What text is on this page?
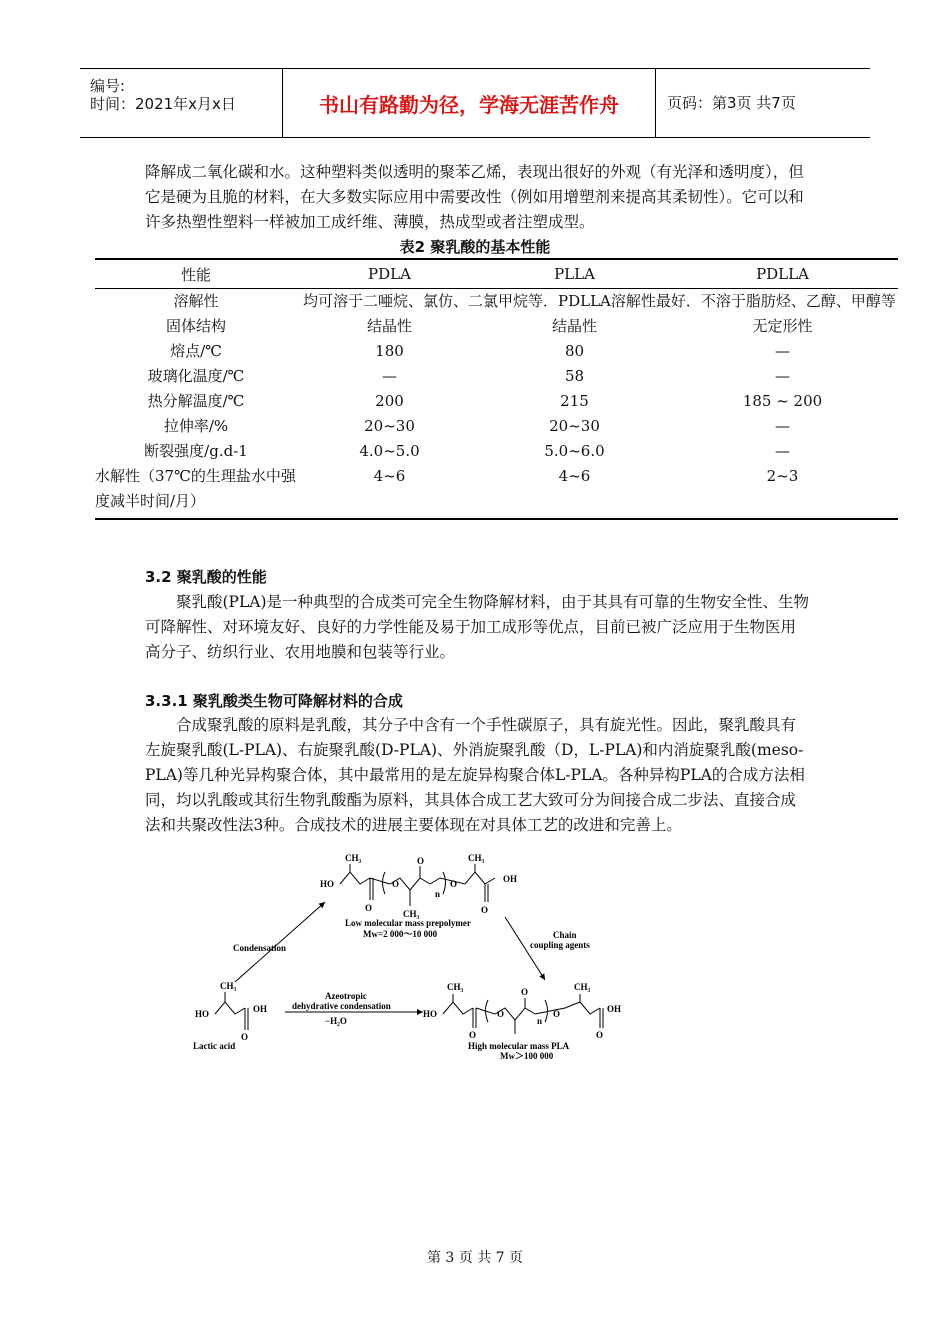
编号:
时间：2021年x月x日	书山有路勤为径，学海无涯苦作舟	页码：第3页 共7页
降解成二氧化碳和水。这种塑料类似透明的聚苯乙烯，表现出很好的外观（有光泽和透明度），但它是硬为且脆的材料，在大多数实际应用中需要改性（例如用增塑剂来提高其柔韧性）。它可以和许多热塑性塑料一样被加工成纤维、薄膜，热成型或者注塑成型。
表2 聚乳酸的基本性能
性能	PDLA	PLLA	PDLLA
溶解性	均可溶于二唖烷、氯仿、二氯甲烷等．PDLLA溶解性最好．不溶于脂肪烃、乙醇、甲醇等		
固体结构	结晶性	结晶性	无定形性
熔点/℃	180	80	—
玻璃化温度/℃	—	58	—
热分解温度/℃	200	215	185 ~ 200
拉伸率/%	20~30	20~30	—
断裂强度/g.d-1	4.0~5.0	5.0~6.0	—
水解性（37℃的生理盐水中强度减半时间/月）	4~6	4~6	2~3
3.2 聚乳酸的性能
聚乳酸(PLA)是一种典型的合成类可完全生物降解材料，由于其具有可靠的生物安全性、生物可降解性、对环境友好、良好的力学性能及易于加工成形等优点，目前已被广泛应用于生物医用高分子、纺织行业、农用地膜和包装等行业。
3.3.1 聚乳酸类生物可降解材料的合成
合成聚乳酸的原料是乳酸，其分子中含有一个手性碳原子，具有旋光性。因此，聚乳酸具有左旋聚乳酸(L-PLA)、右旋聚乳酸(D-PLA)、外消旋聚乳酸（D，L-PLA)和内消旋聚乳酸(meso-PLA)等几种光异构聚合体，其中最常用的是左旋异构聚合体L-PLA。各种异构PLA的合成方法相同，均以乳酸或其衍生物乳酸酯为原料，其具体合成工艺大致可分为间接合成二步法、直接合成法和共聚改性法3种。合成技术的进展主要体现在对具体工艺的改进和完善上。
CH₃
HO
O
O
O
n
CH₃
O
CH₃
OH
O
Low molecular mass prepolymer
Mw=2 000～10 000
Condensation
Chain
coupling agents
Azeotropic
dehydrative condensation
−H₂O
CH₃
HO	OH
O
Lactic acid
CH₃
HO
O
O
O
n
O
CH₃
OH
O
High molecular mass PLA
Mw＞100 000
第 3 页 共 7 页
